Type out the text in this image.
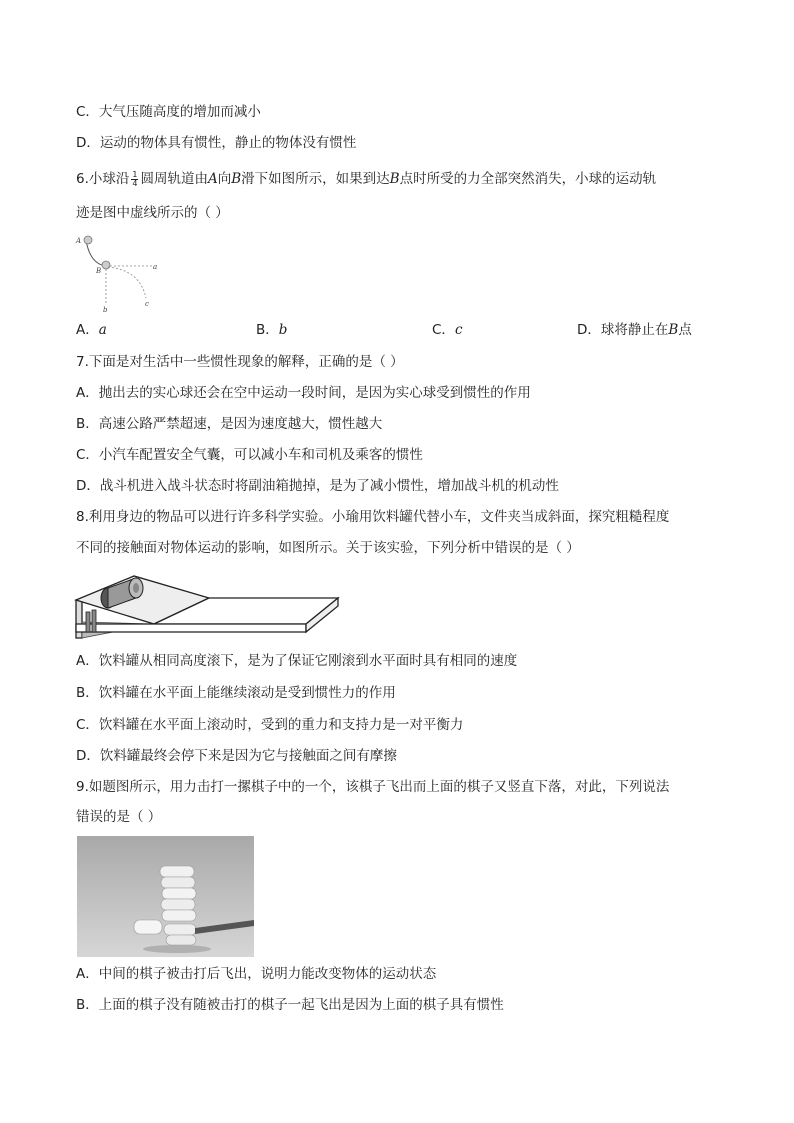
C．大气压随高度的增加而减小
D．运动的物体具有惯性，静止的物体没有惯性
6.小球沿 $\frac{1}{4}$ 圆周轨道由A向B滑下如图所示，如果到达B点时所受的力全部突然消失，小球的运动轨
迹是图中虚线所示的（ ）
A
B	a
b
c
A．a	B．b	C．c	D．球将静止在B点
7.下面是对生活中一些惯性现象的解释，正确的是（ ）
A．抛出去的实心球还会在空中运动一段时间，是因为实心球受到惯性的作用
B．高速公路严禁超速，是因为速度越大，惯性越大
C．小汽车配置安全气囊，可以减小车和司机及乘客的惯性
D．战斗机进入战斗状态时将副油箱抛掉，是为了减小惯性，增加战斗机的机动性
8.利用身边的物品可以进行许多科学实验。小瑜用饮料罐代替小车，文件夹当成斜面，探究粗糙程度
不同的接触面对物体运动的影响，如图所示。关于该实验，下列分析中错误的是（ ）
A．饮料罐从相同高度滚下，是为了保证它刚滚到水平面时具有相同的速度
B．饮料罐在水平面上能继续滚动是受到惯性力的作用
C．饮料罐在水平面上滚动时，受到的重力和支持力是一对平衡力
D．饮料罐最终会停下来是因为它与接触面之间有摩擦
9.如题图所示，用力击打一摞棋子中的一个，该棋子飞出而上面的棋子又竖直下落，对此，下列说法
错误的是（ ）
A．中间的棋子被击打后飞出，说明力能改变物体的运动状态
B．上面的棋子没有随被击打的棋子一起飞出是因为上面的棋子具有惯性
